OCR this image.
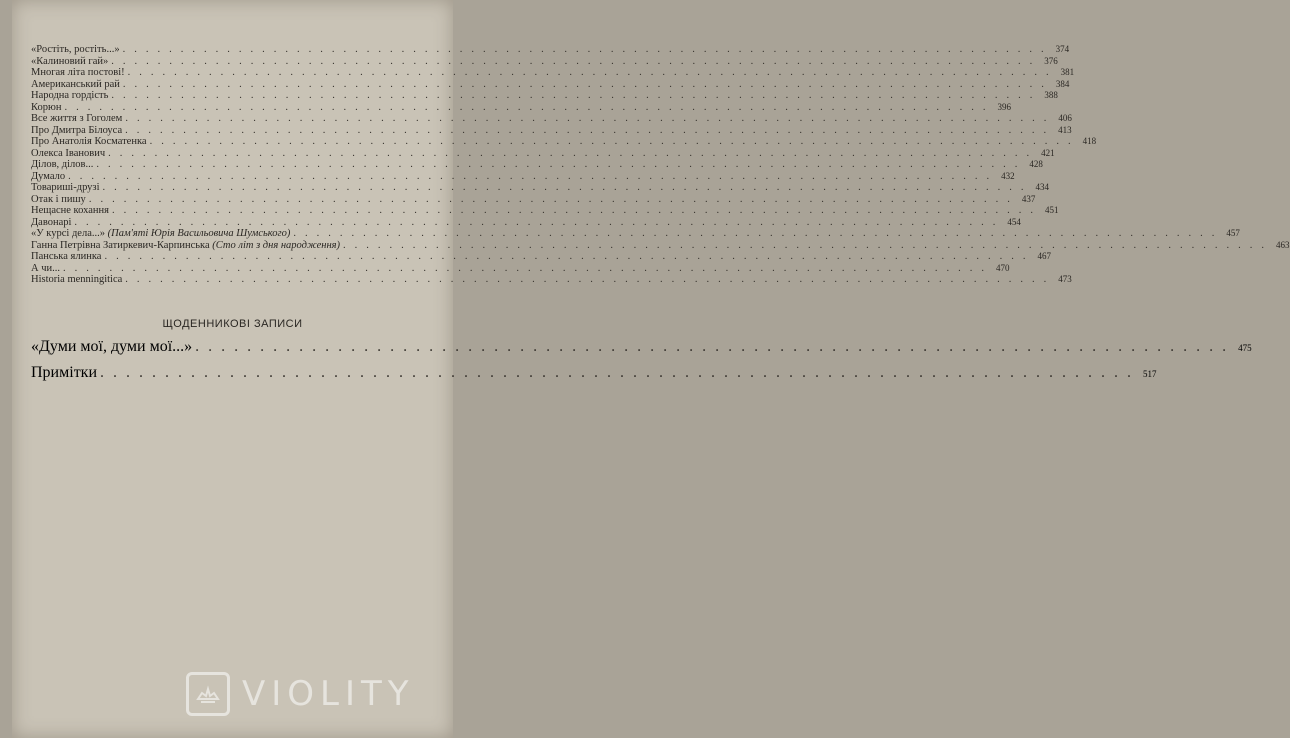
«Ростіть, ростіть...» ................................................................................ 374
«Калиновий гай» ................................................................................ 376
Многая літа постові! ................................................................................ 381
Американський рай ................................................................................ 384
Народна гордість ................................................................................ 388
Корюн ................................................................................ 396
Все життя з Гоголем ................................................................................ 406
Про Дмитра Білоуса ................................................................................ 413
Про Анатолія Косматенка ................................................................................ 418
Олекса Іванович ................................................................................ 421
Ділов, ділов... ................................................................................ 428
Думало ................................................................................ 432
Товариші-друзі ................................................................................ 434
Отак і пишу ................................................................................ 437
Нещасне кохання ................................................................................ 451
Давонарі ................................................................................ 454
«У курсі дела...» (Пам'яті Юрія Васильовича Шумського) ................................................................................ 457
Ганна Петрівна Затиркевич-Карпинська (Сто літ з дня народження) ................................................................................ 463
Панська ялинка ................................................................................ 467
А чи... ................................................................................ 470
Historia menningitica ................................................................................ 473
ЩОДЕННИКОВІ ЗАПИСИ
«Думи мої, думи мої...» ................................................................................ 475
Примітки ................................................................................ 517
VIOLITY
